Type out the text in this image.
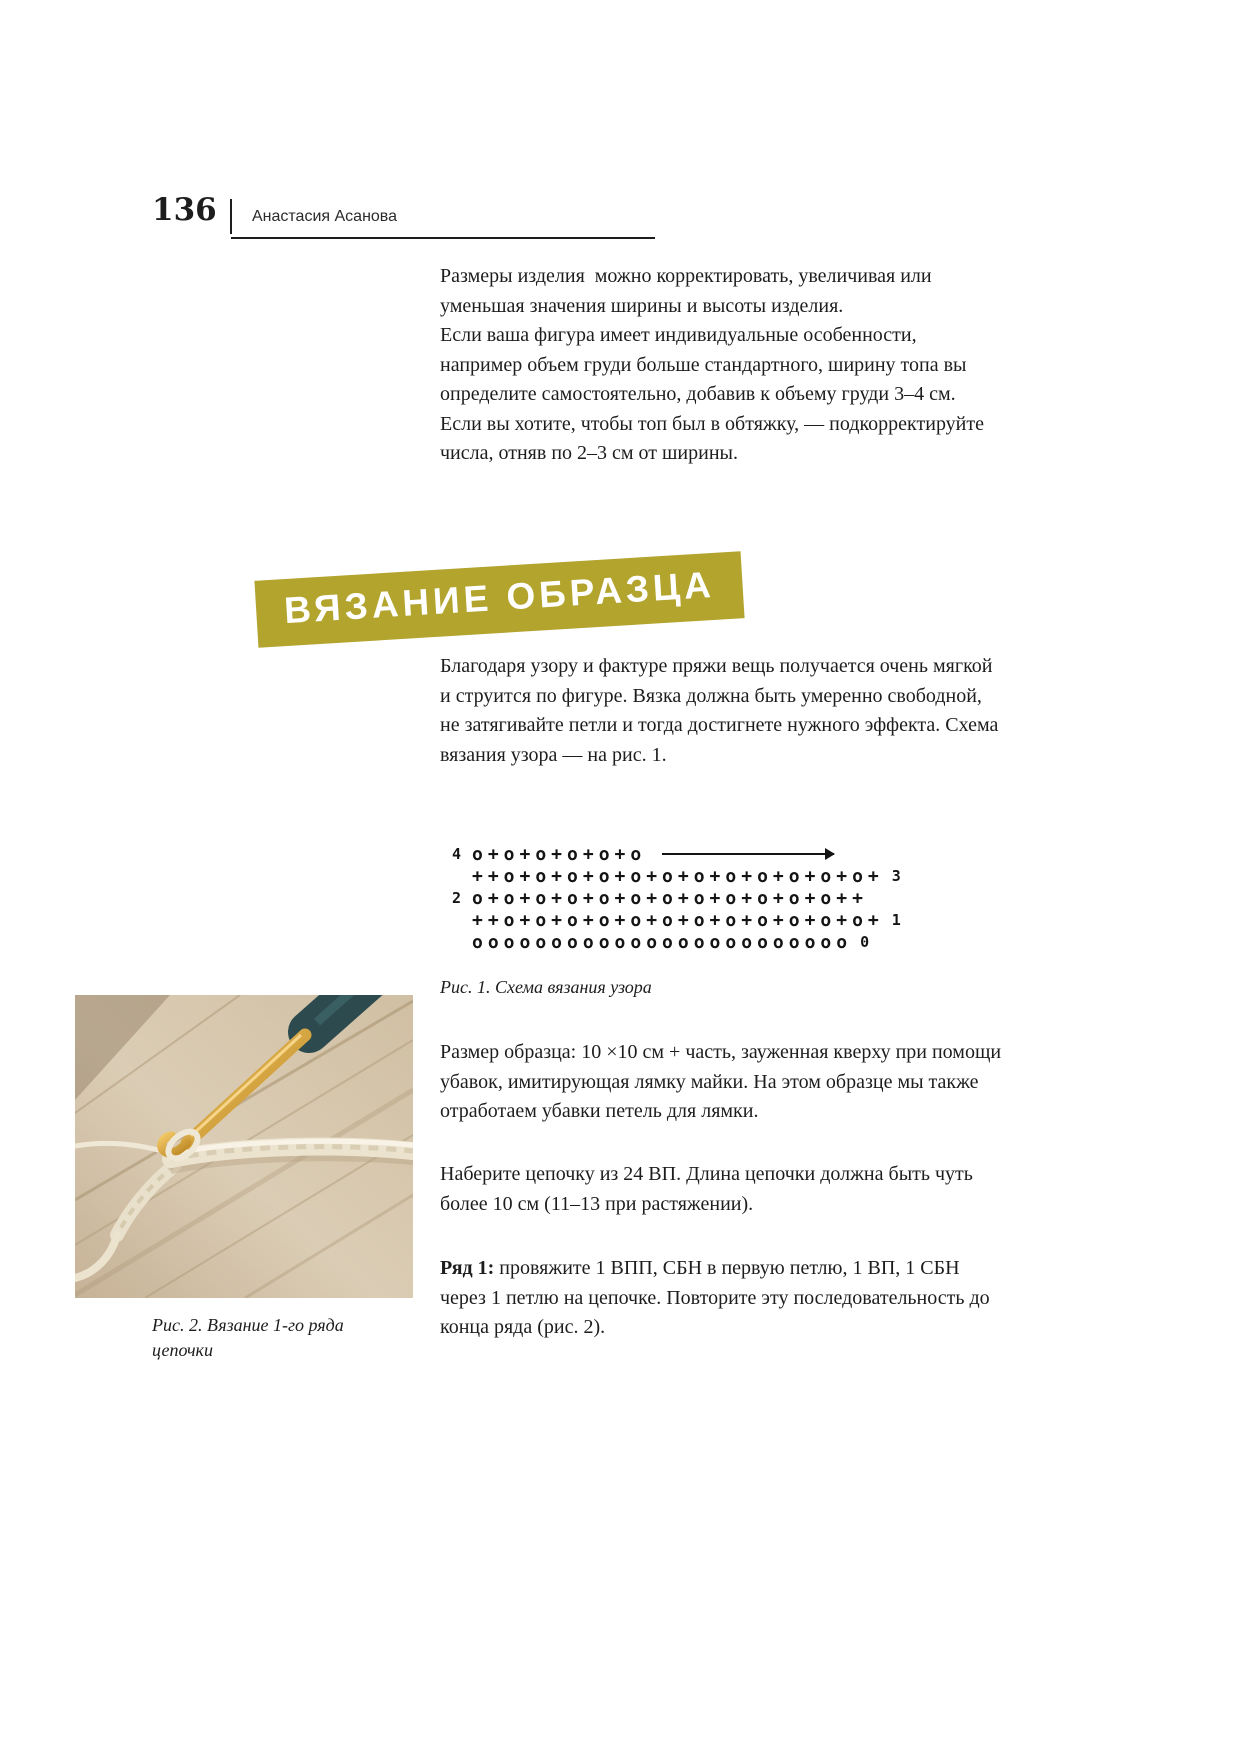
136 Анастасия Асанова

Размеры изделия  можно корректировать, увеличивая или уменьшая значения ширины и высоты изделия.

Если ваша фигура имеет индивидуальные особенности, например объем груди больше стандартного, ширину топа вы определите самостоятельно, добавив к объему груди 3–4 см.

Если вы хотите, чтобы топ был в обтяжку, — подкорректируйте числа, отняв по 2–3 см от ширины.

ВЯЗАНИЕ ОБРАЗЦА

Благодаря узору и фактуре пряжи вещь получается очень мягкой и струится по фигуре. Вязка должна быть умеренно свободной, не затягивайте петли и тогда достигнете нужного эффекта. Схема вязания узора — на рис. 1.

4 о+о+о+о+о+о
++о+о+о+о+о+о+о+о+о+о+о+о+ 3
2 о+о+о+о+о+о+о+о+о+о+о+о++
++о+о+о+о+о+о+о+о+о+о+о+о+ 1
оооооооооооооооооооооооо 0
Рис. 1. Схема вязания узора

Размер образца: 10 ×10 см + часть, зауженная кверху при помощи убавок, имитирующая лямку майки. На этом образце мы также отработаем убавки петель для лямки.

Наберите цепочку из 24 ВП. Длина цепочки должна быть чуть более 10 см (11–13 при растяжении).

Ряд 1: провяжите 1 ВПП, СБН в первую петлю, 1 ВП, 1 СБН через 1 петлю на цепочке. Повторите эту последовательность до конца ряда (рис. 2).

Рис. 2. Вязание 1-го ряда цепочки
